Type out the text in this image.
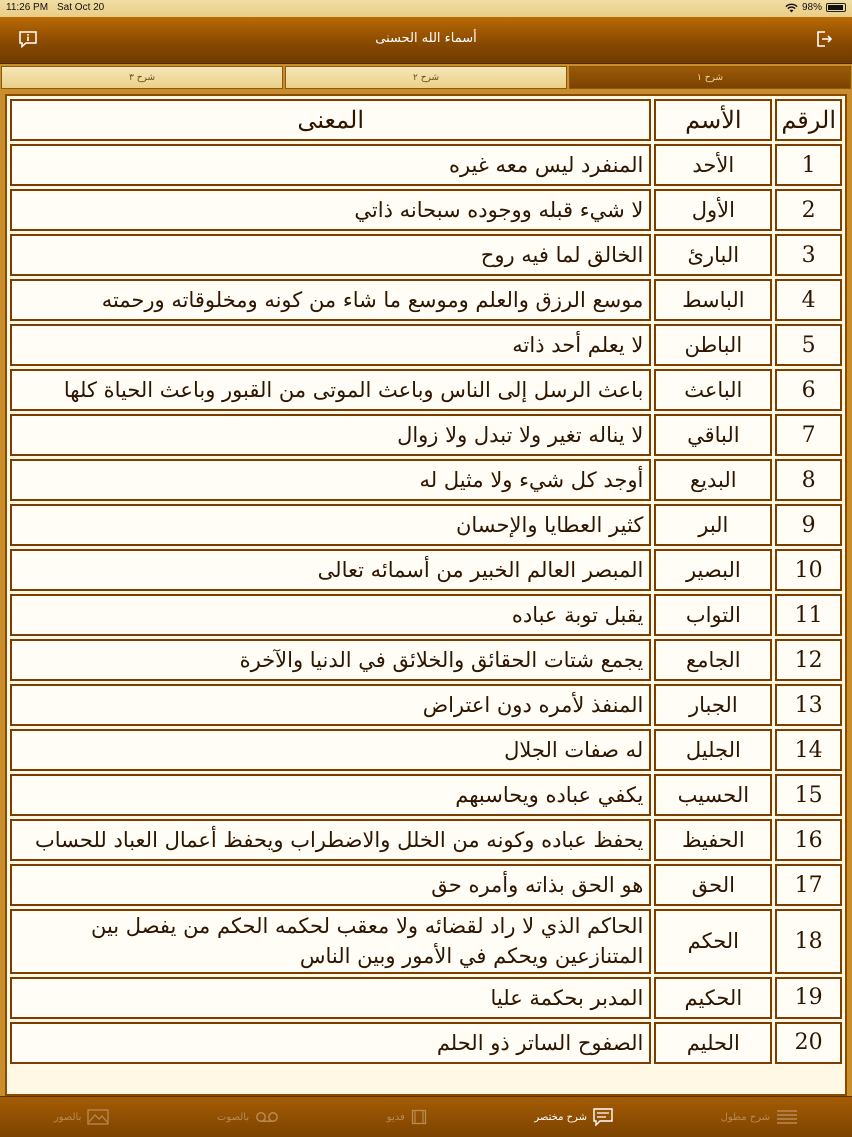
11:26 PM Sat Oct 20	98%
أسماء الله الحسنى
شرح ٣	شرح ٢	شرح ١
الرقم	الأسم	المعنى
1	الأحد	المنفرد ليس معه غيره
2	الأول	لا شيء قبله ووجوده سبحانه ذاتي
3	البارئ	الخالق لما فيه روح
4	الباسط	موسع الرزق والعلم وموسع ما شاء من كونه ومخلوقاته ورحمته
5	الباطن	لا يعلم أحد ذاته
6	الباعث	باعث الرسل إلى الناس وباعث الموتى من القبور وباعث الحياة كلها
7	الباقي	لا يناله تغير ولا تبدل ولا زوال
8	البديع	أوجد كل شيء ولا مثيل له
9	البر	كثير العطايا والإحسان
10	البصير	المبصر العالم الخبير من أسمائه تعالى
11	التواب	يقبل توبة عباده
12	الجامع	يجمع شتات الحقائق والخلائق في الدنيا والآخرة
13	الجبار	المنفذ لأمره دون اعتراض
14	الجليل	له صفات الجلال
15	الحسيب	يكفي عباده ويحاسبهم
16	الحفيظ	يحفظ عباده وكونه من الخلل والاضطراب ويحفظ أعمال العباد للحساب
17	الحق	هو الحق بذاته وأمره حق
18	الحكم	الحاكم الذي لا راد لقضائه ولا معقب لحكمه الحكم من يفصل بين المتنازعين ويحكم في الأمور وبين الناس
19	الحكيم	المدبر بحكمة عليا
20	الحليم	الصفوح الساتر ذو الحلم
شرح مطول
شرح مختصر
فديو
بالصوت
بالصور
